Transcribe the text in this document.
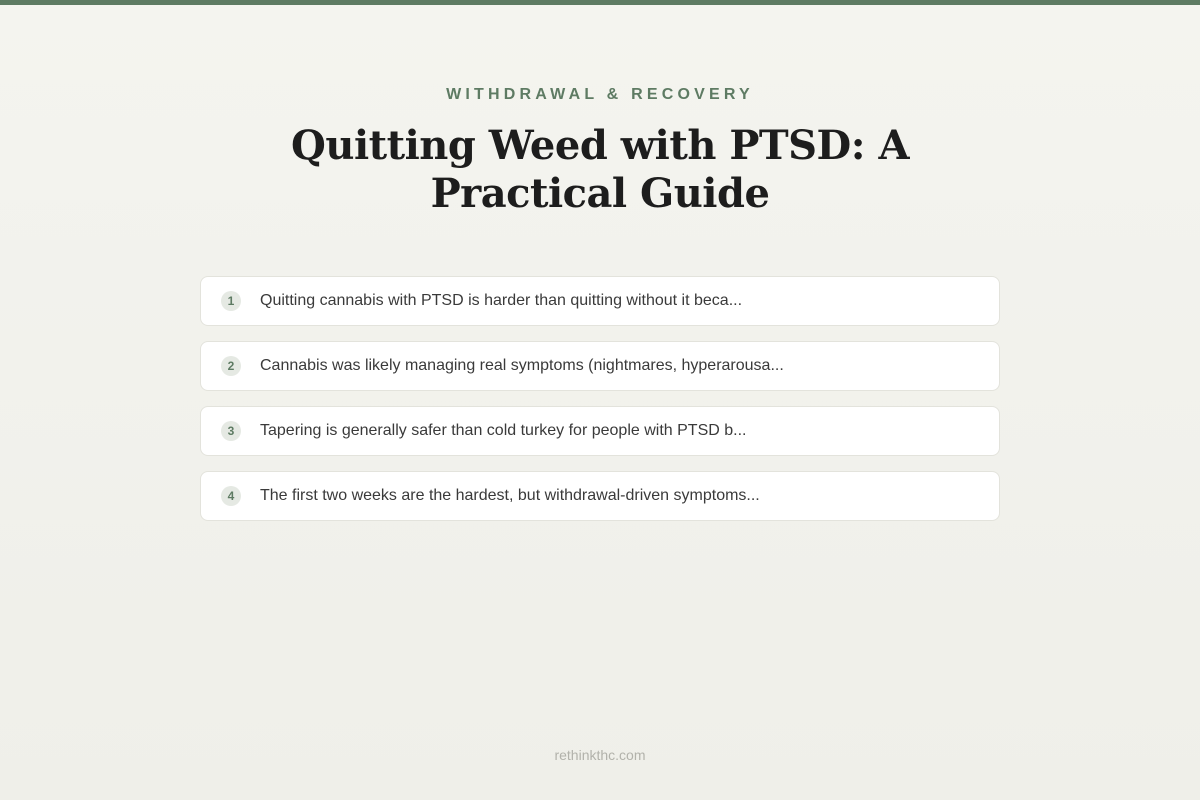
WITHDRAWAL & RECOVERY
Quitting Weed with PTSD: A Practical Guide
1	Quitting cannabis with PTSD is harder than quitting without it beca...
2	Cannabis was likely managing real symptoms (nightmares, hyperarousa...
3	Tapering is generally safer than cold turkey for people with PTSD b...
4	The first two weeks are the hardest, but withdrawal-driven symptoms...
rethinkthc.com
